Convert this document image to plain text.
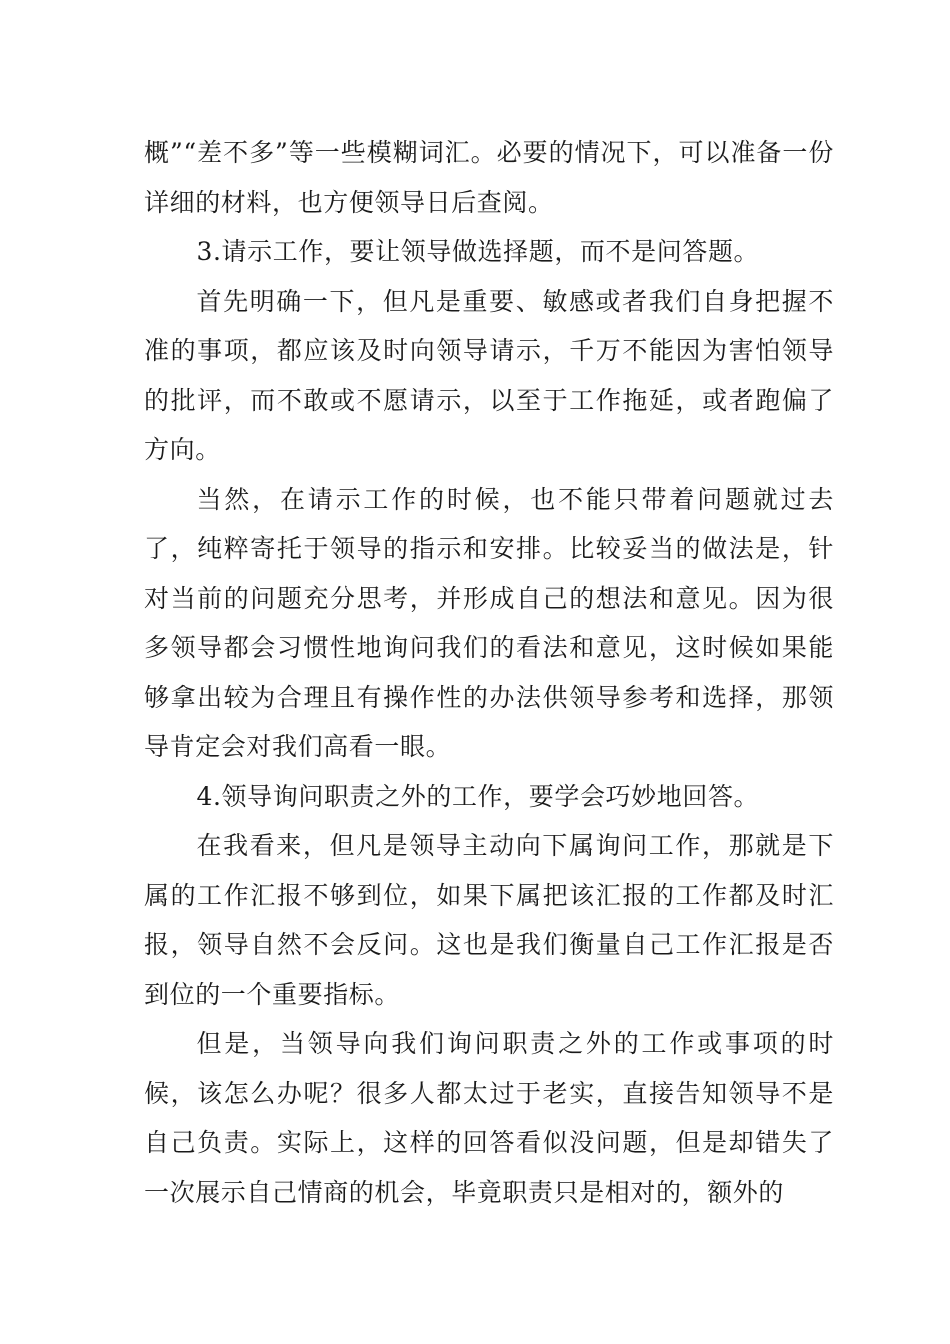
概”“差不多”等一些模糊词汇。必要的情况下，可以准备一份详细的材料，也方便领导日后查阅。

3.请示工作，要让领导做选择题，而不是问答题。

首先明确一下，但凡是重要、敏感或者我们自身把握不准的事项，都应该及时向领导请示，千万不能因为害怕领导的批评，而不敢或不愿请示，以至于工作拖延，或者跑偏了方向。

当然，在请示工作的时候，也不能只带着问题就过去了，纯粹寄托于领导的指示和安排。比较妥当的做法是，针对当前的问题充分思考，并形成自己的想法和意见。因为很多领导都会习惯性地询问我们的看法和意见，这时候如果能够拿出较为合理且有操作性的办法供领导参考和选择，那领导肯定会对我们高看一眼。

4.领导询问职责之外的工作，要学会巧妙地回答。

在我看来，但凡是领导主动向下属询问工作，那就是下属的工作汇报不够到位，如果下属把该汇报的工作都及时汇报，领导自然不会反问。这也是我们衡量自己工作汇报是否到位的一个重要指标。

但是，当领导向我们询问职责之外的工作或事项的时候，该怎么办呢？很多人都太过于老实，直接告知领导不是自己负责。实际上，这样的回答看似没问题，但是却错失了一次展示自己情商的机会，毕竟职责只是相对的，额外的
